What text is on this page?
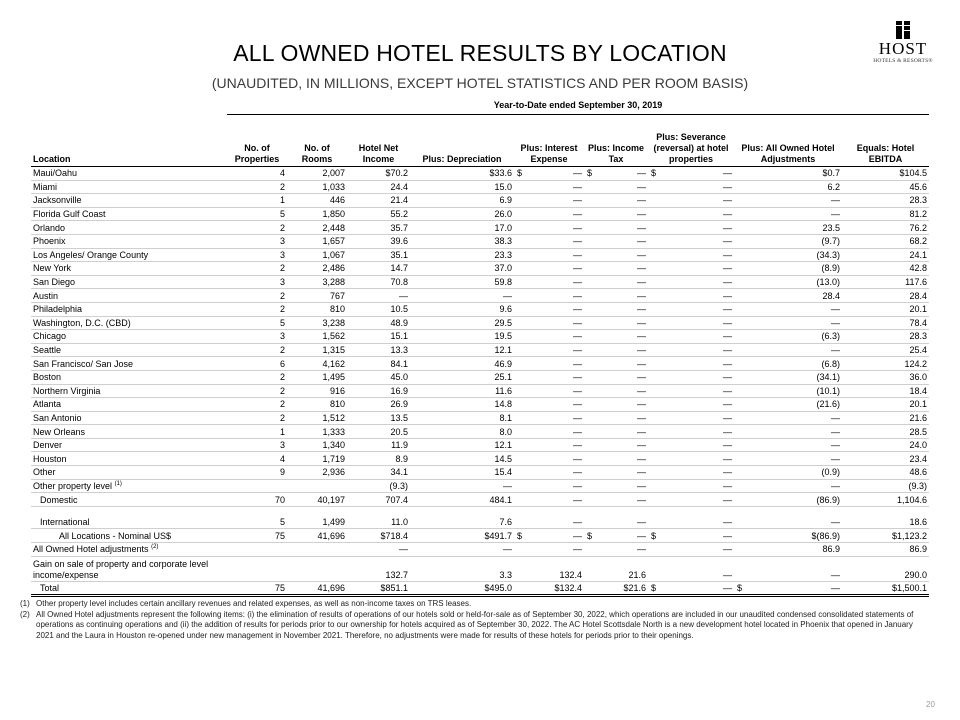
ALL OWNED HOTEL RESULTS BY LOCATION
(UNAUDITED, IN MILLIONS, EXCEPT HOTEL STATISTICS AND PER ROOM BASIS)
HOST
HOTELS & RESORTS®
	Year-to-Date ended September 30, 2019								
Location	No. of Properties	No. of Rooms	Hotel Net Income	Plus: Depreciation	Plus: Interest Expense	Plus: Income Tax	Plus: Severance (reversal) at hotel properties	Plus: All Owned Hotel Adjustments	Equals: Hotel EBITDA
Maui/Oahu	4	2,007	$70.2	$33.6	$ —	$ —	$ —	$0.7	$104.5
Miami	2	1,033	24.4	15.0	—	—	—	6.2	45.6
Jacksonville	1	446	21.4	6.9	—	—	—	—	28.3
Florida Gulf Coast	5	1,850	55.2	26.0	—	—	—	—	81.2
Orlando	2	2,448	35.7	17.0	—	—	—	23.5	76.2
Phoenix	3	1,657	39.6	38.3	—	—	—	(9.7)	68.2
Los Angeles/ Orange County	3	1,067	35.1	23.3	—	—	—	(34.3)	24.1
New York	2	2,486	14.7	37.0	—	—	—	(8.9)	42.8
San Diego	3	3,288	70.8	59.8	—	—	—	(13.0)	117.6
Austin	2	767	—	—	—	—	—	28.4	28.4
Philadelphia	2	810	10.5	9.6	—	—	—	—	20.1
Washington, D.C. (CBD)	5	3,238	48.9	29.5	—	—	—	—	78.4
Chicago	3	1,562	15.1	19.5	—	—	—	(6.3)	28.3
Seattle	2	1,315	13.3	12.1	—	—	—	—	25.4
San Francisco/ San Jose	6	4,162	84.1	46.9	—	—	—	(6.8)	124.2
Boston	2	1,495	45.0	25.1	—	—	—	(34.1)	36.0
Northern Virginia	2	916	16.9	11.6	—	—	—	(10.1)	18.4
Atlanta	2	810	26.9	14.8	—	—	—	(21.6)	20.1
San Antonio	2	1,512	13.5	8.1	—	—	—	—	21.6
New Orleans	1	1,333	20.5	8.0	—	—	—	—	28.5
Denver	3	1,340	11.9	12.1	—	—	—	—	24.0
Houston	4	1,719	8.9	14.5	—	—	—	—	23.4
Other	9	2,936	34.1	15.4	—	—	—	(0.9)	48.6
Other property level $^{(1)}$			(9.3)	—	—	—	—	—	(9.3)
Domestic	70	40,197	707.4	484.1	—	—	—	(86.9)	1,104.6

International	5	1,499	11.0	7.6	—	—	—	—	18.6
All Locations - Nominal US$	75	41,696	$718.4	$491.7	$ —	$ —	$ —	$(86.9)	$1,123.2
All Owned Hotel adjustments $^{(2)}$			—	—	—	—	—	86.9	86.9
Gain on sale of property and corporate level income/expense			132.7	3.3	132.4	21.6	—	—	290.0
Total	75	41,696	$851.1	$495.0	$132.4	$21.6	$ —	$ —	$1,500.1
(1) Other property level includes certain ancillary revenues and related expenses, as well as non-income taxes on TRS leases.
(2) All Owned Hotel adjustments represent the following items: (i) the elimination of results of operations of our hotels sold or held-for-sale as of September 30, 2022, which operations are included in our unaudited condensed consolidated statements of operations as continuing operations and (ii) the addition of results for periods prior to our ownership for hotels acquired as of September 30, 2022. The AC Hotel Scottsdale North is a new development hotel located in Phoenix that opened in January 2021 and the Laura in Houston re-opened under new management in November 2021. Therefore, no adjustments were made for results of these hotels for periods prior to their openings.
20
